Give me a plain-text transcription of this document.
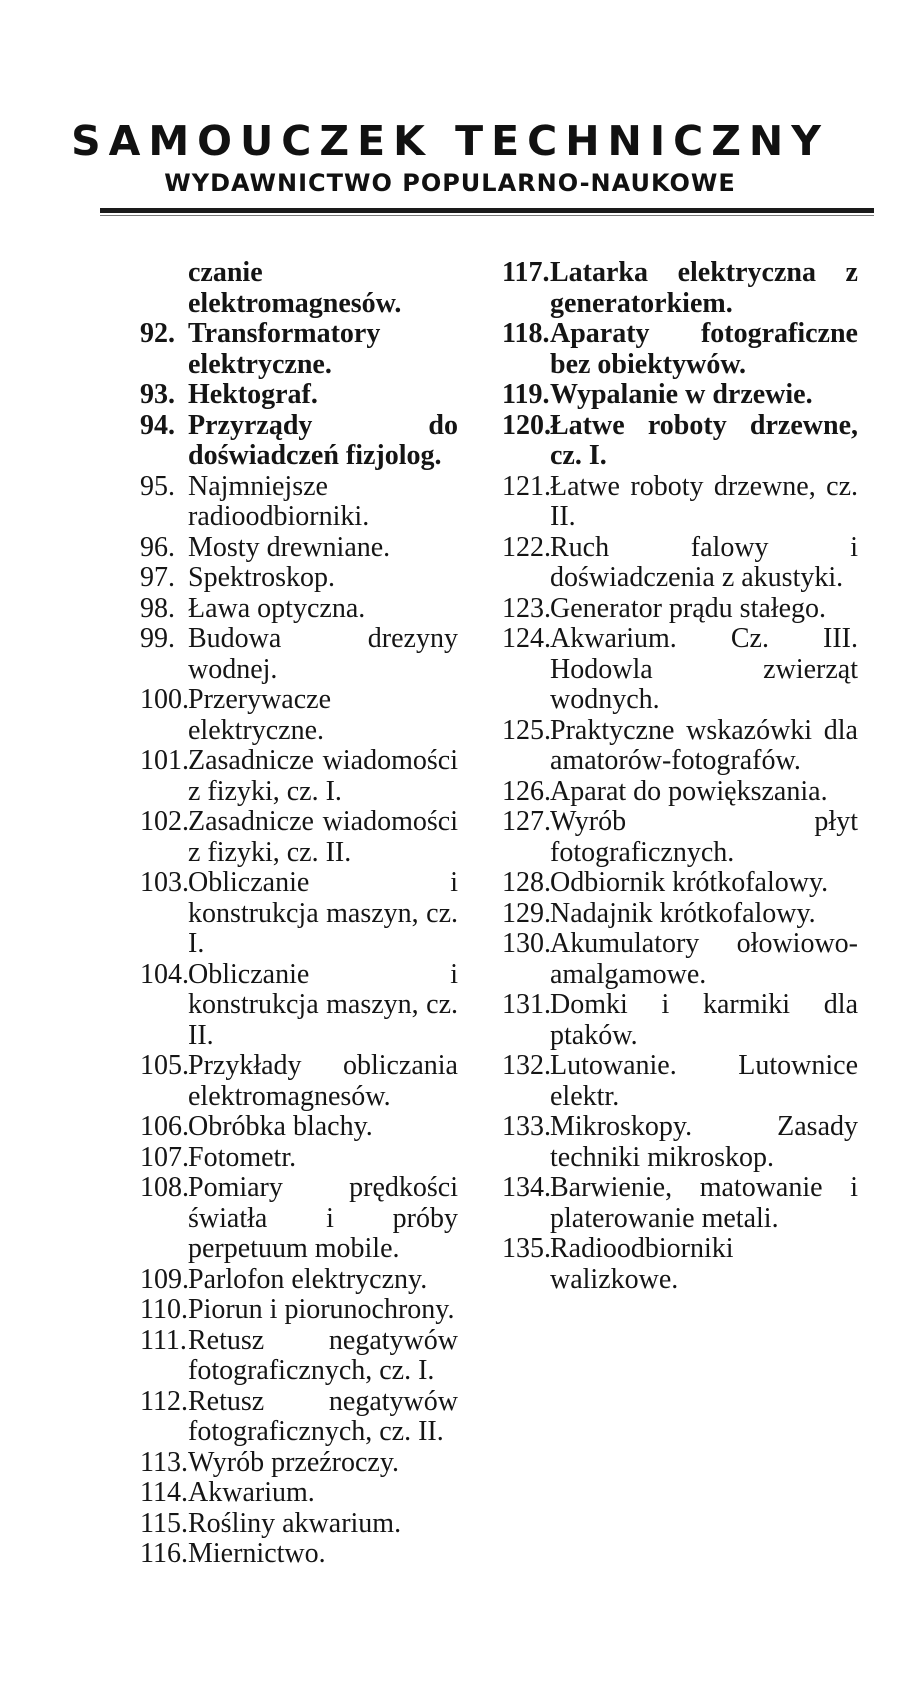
SAMOUCZEK TECHNICZNY
WYDAWNICTWO POPULARNO-NAUKOWE
czanie elektromagnesów.
92. Transformatory elektryczne.
93. Hektograf.
94. Przyrządy do doświadczeń fizjolog.
95. Najmniejsze radioodbiorniki.
96. Mosty drewniane.
97. Spektroskop.
98. Ława optyczna.
99. Budowa drezyny wodnej.
100. Przerywacze elektryczne.
101. Zasadnicze wiadomości z fizyki, cz. I.
102. Zasadnicze wiadomości z fizyki, cz. II.
103. Obliczanie i konstrukcja maszyn, cz. I.
104. Obliczanie i konstrukcja maszyn, cz. II.
105. Przykłady obliczania elektromagnesów.
106. Obróbka blachy.
107. Fotometr.
108. Pomiary prędkości światła i próby perpetuum mobile.
109. Parlofon elektryczny.
110. Piorun i piorunochrony.
111. Retusz negatywów fotograficznych, cz. I.
112. Retusz negatywów fotograficznych, cz. II.
113. Wyrób przeźroczy.
114. Akwarium.
115. Rośliny akwarium.
116. Miernictwo.
117. Latarka elektryczna z generatorkiem.
118. Aparaty fotograficzne bez obiektywów.
119. Wypalanie w drzewie.
120. Łatwe roboty drzewne, cz. I.
121. Łatwe roboty drzewne, cz. II.
122. Ruch falowy i doświadczenia z akustyki.
123. Generator prądu stałego.
124. Akwarium. Cz. III. Hodowla zwierząt wodnych.
125. Praktyczne wskazówki dla amatorów-fotografów.
126. Aparat do powiększania.
127. Wyrób płyt fotograficznych.
128. Odbiornik krótkofalowy.
129. Nadajnik krótkofalowy.
130. Akumulatory ołowiowo-amalgamowe.
131. Domki i karmiki dla ptaków.
132. Lutowanie. Lutownice elektr.
133. Mikroskopy. Zasady techniki mikroskop.
134. Barwienie, matowanie i platerowanie metali.
135. Radioodbiorniki walizkowe.
